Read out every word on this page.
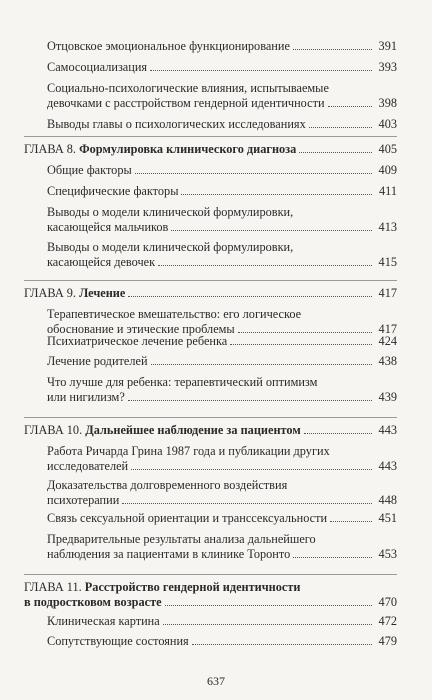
Отцовское эмоциональное функционирование	391
Самосоциализация	393
Социально-психологические влияния, испытываемые
девочками с расстройством гендерной идентичности	398
Выводы главы о психологических исследованиях	403
ГЛАВА 8. Формулировка клинического диагноза	405
Общие факторы	409
Специфические факторы	411
Выводы о модели клинической формулировки,
касающейся мальчиков	413
Выводы о модели клинической формулировки,
касающейся девочек	415
ГЛАВА 9. Лечение	417
Терапевтическое вмешательство: его логическое
обоснование и этические проблемы	417
Психиатрическое лечение ребенка	424
Лечение родителей	438
Что лучше для ребенка: терапевтический оптимизм
или нигилизм?	439
ГЛАВА 10. Дальнейшее наблюдение за пациентом	443
Работа Ричарда Грина 1987 года и публикации других
исследователей	443
Доказательства долговременного воздействия
психотерапии	448
Связь сексуальной ориентации и транссексуальности	451
Предварительные результаты анализа дальнейшего
наблюдения за пациентами в клинике Торонто	453
ГЛАВА 11. Расстройство гендерной идентичности
в подростковом возрасте	470
Клиническая картина	472
Сопутствующие состояния	479
637
